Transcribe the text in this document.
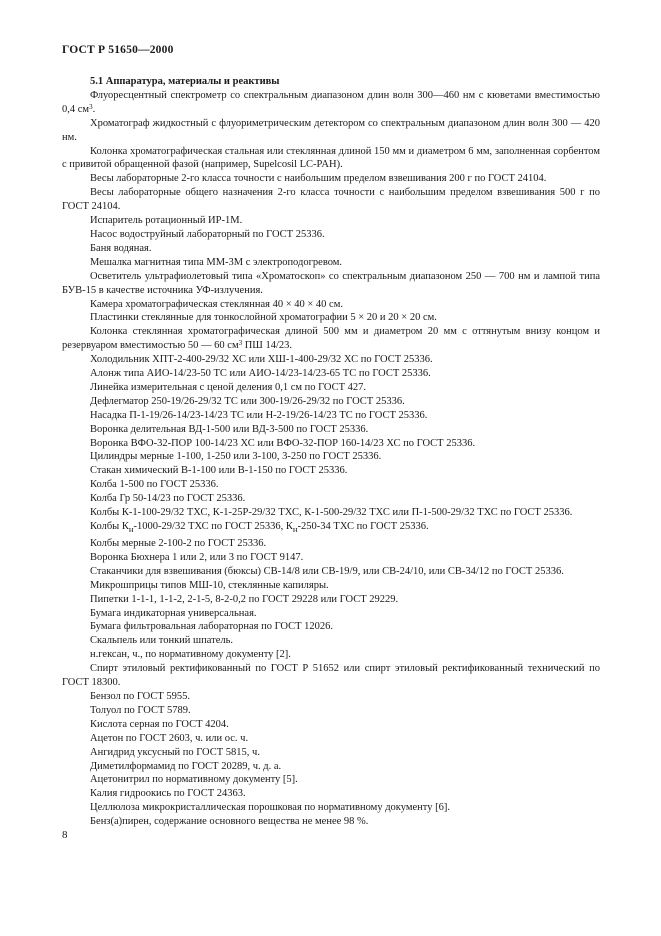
ГОСТ Р 51650—2000

5.1 Аппаратура, материалы и реактивы

Флуоресцентный спектрометр со спектральным диапазоном длин волн 300—460 нм с кюветами вместимостью 0,4 $см^3$.

Хроматограф жидкостный с флуориметрическим детектором со спектральным диапазоном длин волн 300 — 420 нм.

Колонка хроматографическая стальная или стеклянная длиной 150 мм и диаметром 6 мм, заполненная сорбентом с привитой обращенной фазой (например, Supelcosil LC-PAH).

Весы лабораторные 2-го класса точности с наибольшим пределом взвешивания 200 г по ГОСТ 24104.

Весы лабораторные общего назначения 2-го класса точности с наибольшим пределом взвешивания 500 г по ГОСТ 24104.

Испаритель ротационный ИР-1М.

Насос водоструйный лабораторный по ГОСТ 25336.

Баня водяная.

Мешалка магнитная типа ММ-3М с электроподогревом.

Осветитель ультрафиолетовый типа «Хроматоскоп» со спектральным диапазоном 250 — 700 нм и лампой типа БУВ-15 в качестве источника УФ-излучения.

Камера хроматографическая стеклянная 40 × 40 × 40 см.

Пластинки стеклянные для тонкослойной хроматографии 5 × 20 и 20 × 20 см.

Колонка стеклянная хроматографическая длиной 500 мм и диаметром 20 мм с оттянутым внизу концом и резервуаром вместимостью 50 — 60 $см^3$ ПШ 14/23.

Холодильник ХПТ-2-400-29/32 ХС или ХШ-1-400-29/32 ХС по ГОСТ 25336.

Алонж типа АИО-14/23-50 ТС или АИО-14/23-14/23-65 ТС по ГОСТ 25336.

Линейка измерительная с ценой деления 0,1 см по ГОСТ 427.

Дефлегматор 250-19/26-29/32 ТС или 300-19/26-29/32 по ГОСТ 25336.

Насадка П-1-19/26-14/23-14/23 ТС или Н-2-19/26-14/23 ТС по ГОСТ 25336.

Воронка делительная ВД-1-500 или ВД-3-500 по ГОСТ 25336.

Воронка ВФО-32-ПОР 100-14/23 ХС или ВФО-32-ПОР 160-14/23 ХС по ГОСТ 25336.

Цилиндры мерные 1-100, 1-250 или 3-100, 3-250 по ГОСТ 25336.

Стакан химический В-1-100 или В-1-150 по ГОСТ 25336.

Колба 1-500 по ГОСТ 25336.

Колба Гр 50-14/23 по ГОСТ 25336.

Колбы К-1-100-29/32 ТХС, К-1-25Р-29/32 ТХС, К-1-500-29/32 ТХС или П-1-500-29/32 ТХС по ГОСТ 25336.

Колбы $К_н-1000-29/32$ ТХС по ГОСТ 25336, $К_н-250-34$ ТХС по ГОСТ 25336.

Колбы мерные 2-100-2 по ГОСТ 25336.

Воронка Бюхнера 1 или 2, или 3 по ГОСТ 9147.

Стаканчики для взвешивания (бюксы) СВ-14/8 или СВ-19/9, или СВ-24/10, или СВ-34/12 по ГОСТ 25336.

Микрошприцы типов МШ-10, стеклянные капиляры.

Пипетки 1-1-1, 1-1-2, 2-1-5, 8-2-0,2 по ГОСТ 29228 или ГОСТ 29229.

Бумага индикаторная универсальная.

Бумага фильтровальная лабораторная по ГОСТ 12026.

Скальпель или тонкий шпатель.

н.гексан, ч., по нормативному документу [2].

Спирт этиловый ректификованный по ГОСТ Р 51652 или спирт этиловый ректификованный технический по ГОСТ 18300.

Бензол по ГОСТ 5955.

Толуол по ГОСТ 5789.

Кислота серная по ГОСТ 4204.

Ацетон по ГОСТ 2603, ч. или ос. ч.

Ангидрид уксусный по ГОСТ 5815, ч.

Диметилформамид по ГОСТ 20289, ч. д. а.

Ацетонитрил по нормативному документу [5].

Калия гидроокись по ГОСТ 24363.

Целлюлоза микрокристаллическая порошковая по нормативному документу [6].

Бенз(а)пирен, содержание основного вещества не менее 98 %.

8
